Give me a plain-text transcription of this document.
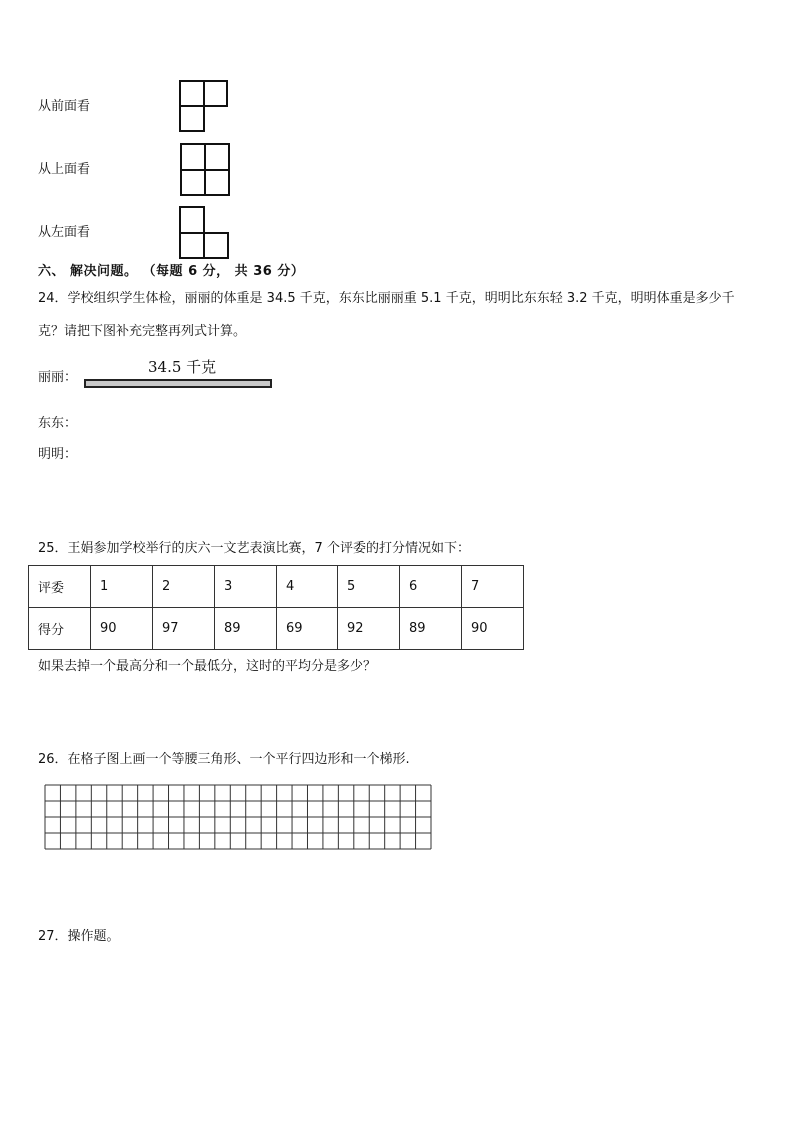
从前面看
从上面看
从左面看
六、 解决问题。 （每题 6 分， 共 36 分）
24．学校组织学生体检，丽丽的体重是 34.5 千克，东东比丽丽重 5.1 千克，明明比东东轻 3.2 千克，明明体重是多少千
克？请把下图补充完整再列式计算。
丽丽：
34.5 千克
东东：
明明：
25．王娟参加学校举行的庆六一文艺表演比赛，7 个评委的打分情况如下：
评委	1	2	3	4	5	6	7
得分	90	97	89	69	92	89	90
如果去掉一个最高分和一个最低分，这时的平均分是多少？
26．在格子图上画一个等腰三角形、一个平行四边形和一个梯形.
27．操作题。
